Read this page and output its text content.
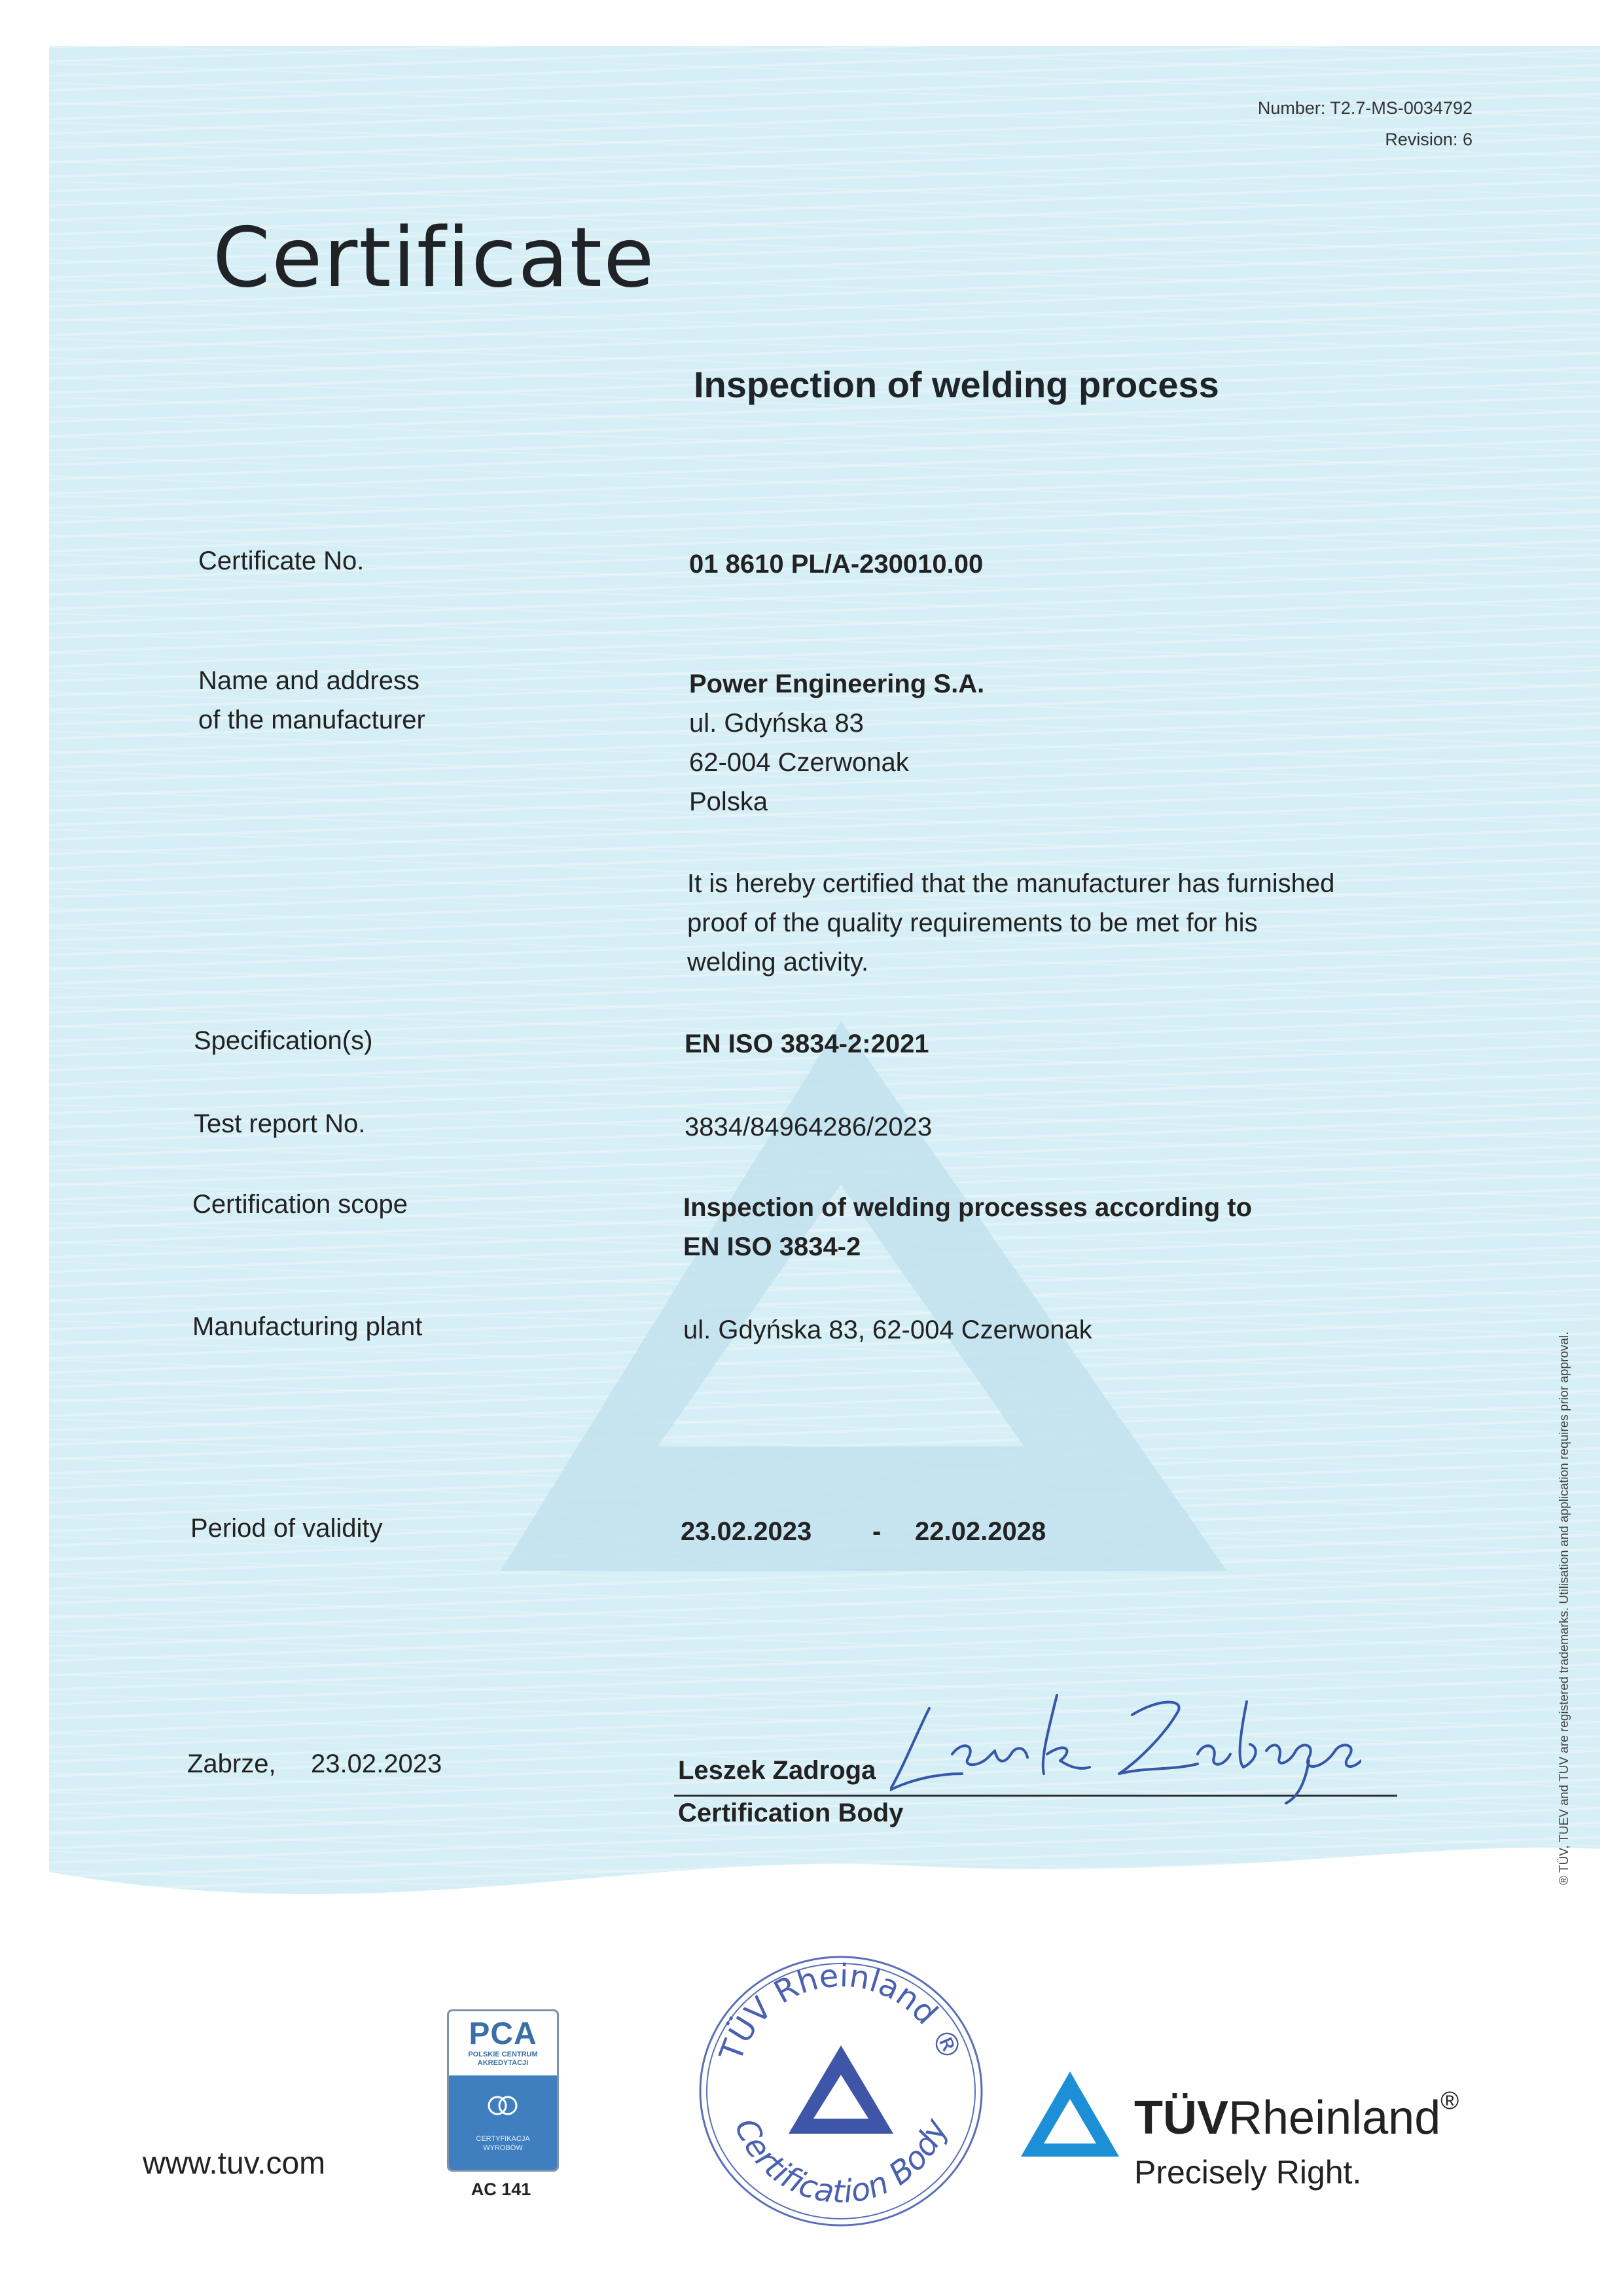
Number: T2.7-MS-0034792
Revision: 6
Certificate
Inspection of welding process
Certificate No.	01 8610 PL/A-230010.00
Name and address
of the manufacturer
Power Engineering S.A.
ul. Gdyńska 83
62-004 Czerwonak
Polska
It is hereby certified that the manufacturer has furnished
proof of the quality requirements to be met for his
welding activity.
Specification(s)	EN ISO 3834-2:2021
Test report No.	3834/84964286/2023
Certification scope	Inspection of welding processes according to
EN ISO 3834-2
Manufacturing plant	ul. Gdyńska 83, 62-004 Czerwonak
Period of validity	23.02.2023 - 22.02.2028
Zabrze, 23.02.2023	Leszek Zadroga
Certification Body	® TÜV, TUEV and TUV are registered trademarks. Utilisation and application requires prior approval.
www.tuv.com
PCA
POLSKIE CENTRUM
AKREDYTACJI
CERTYFIKACJA
WYROBÓW
AC 141
TÜV Rheinland ®
Certification Body	TÜVRheinland®
Precisely Right.
